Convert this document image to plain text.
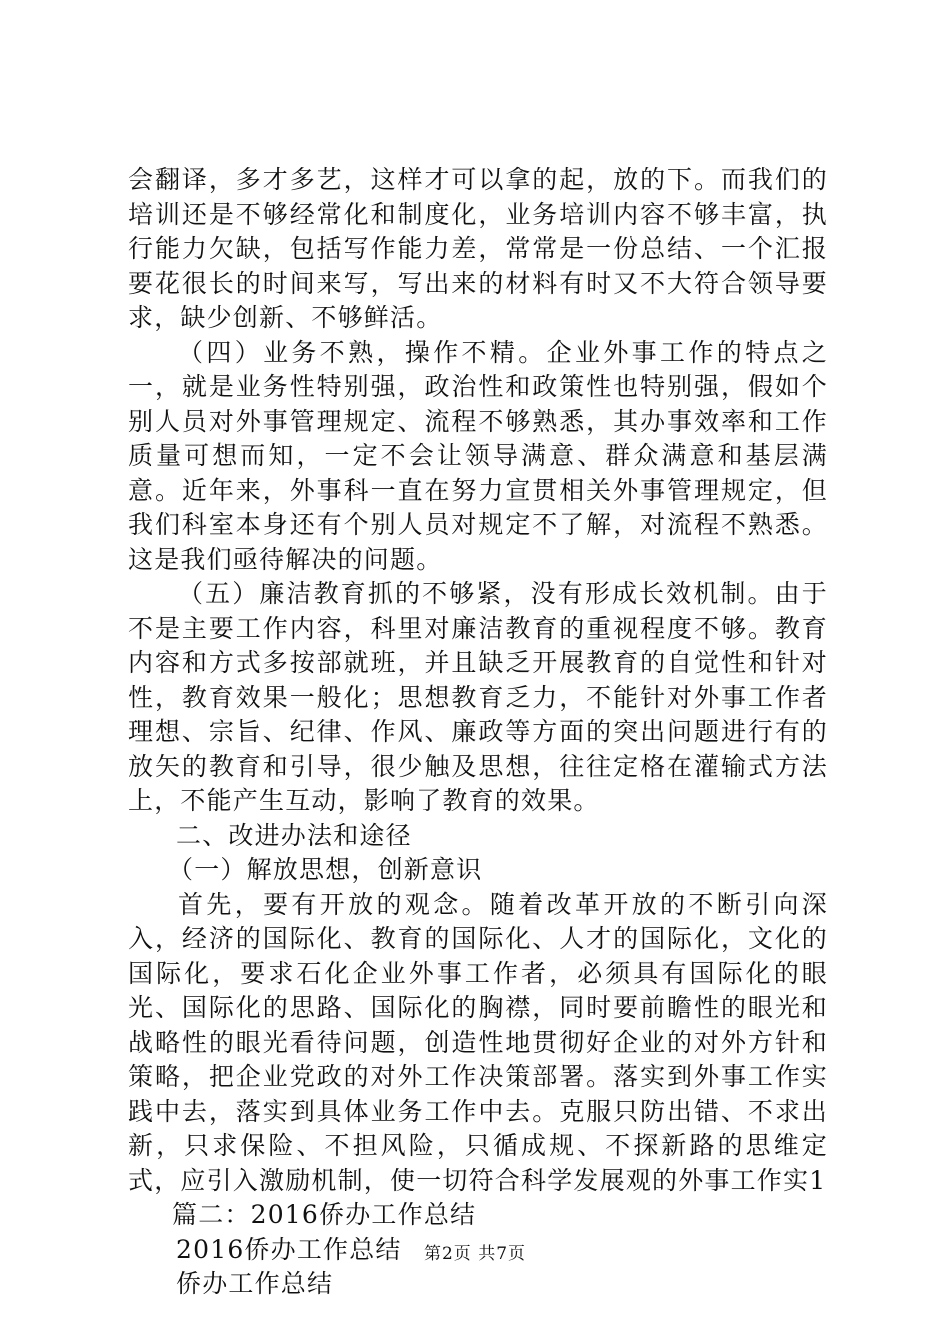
会翻译，多才多艺，这样才可以拿的起，放的下。而我们的培训还是不够经常化和制度化，业务培训内容不够丰富，执行能力欠缺，包括写作能力差，常常是一份总结、一个汇报要花很长的时间来写，写出来的材料有时又不大符合领导要求，缺少创新、不够鲜活。

（四）业务不熟，操作不精。企业外事工作的特点之一，就是业务性特别强，政治性和政策性也特别强，假如个别人员对外事管理规定、流程不够熟悉，其办事效率和工作质量可想而知，一定不会让领导满意、群众满意和基层满意。近年来，外事科一直在努力宣贯相关外事管理规定，但我们科室本身还有个别人员对规定不了解，对流程不熟悉。这是我们亟待解决的问题。

（五）廉洁教育抓的不够紧，没有形成长效机制。由于不是主要工作内容，科里对廉洁教育的重视程度不够。教育内容和方式多按部就班，并且缺乏开展教育的自觉性和针对性，教育效果一般化；思想教育乏力，不能针对外事工作者理想、宗旨、纪律、作风、廉政等方面的突出问题进行有的放矢的教育和引导，很少触及思想，往往定格在灌输式方法上，不能产生互动，影响了教育的效果。

二、改进办法和途径

（一）解放思想，创新意识

首先，要有开放的观念。随着改革开放的不断引向深入，经济的国际化、教育的国际化、人才的国际化，文化的国际化，要求石化企业外事工作者，必须具有国际化的眼光、国际化的思路、国际化的胸襟，同时要前瞻性的眼光和战略性的眼光看待问题，创造性地贯彻好企业的对外方针和策略，把企业党政的对外工作决策部署。落实到外事工作实践中去，落实到具体业务工作中去。克服只防出错、不求出新，只求保险、不担风险，只循成规、不探新路的思维定式，应引入激励机制，使一切符合科学发展观的外事工作实1

篇二：2016侨办工作总结

2016侨办工作总结

侨办工作总结

第2页 共7页
